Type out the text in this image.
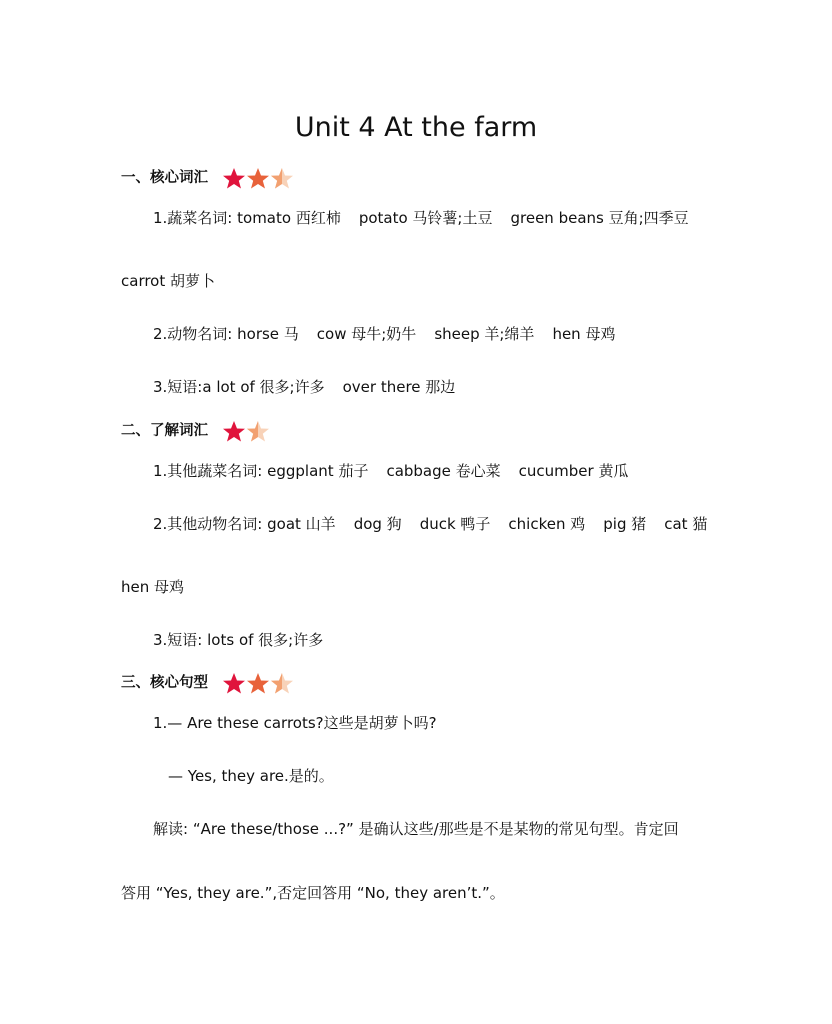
Unit 4 At the farm
一、核心词汇
1.蔬菜名词: tomato 西红柿 potato 马铃薯;土豆 green beans 豆角;四季豆
carrot 胡萝卜
2.动物名词: horse 马 cow 母牛;奶牛 sheep 羊;绵羊 hen 母鸡
3.短语:a lot of 很多;许多 over there 那边
二、了解词汇
1.其他蔬菜名词: eggplant 茄子 cabbage 卷心菜 cucumber 黄瓜
2.其他动物名词: goat 山羊 dog 狗 duck 鸭子 chicken 鸡 pig 猪 cat 猫
hen 母鸡
3.短语: lots of 很多;许多
三、核心句型
1.— Are these carrots?这些是胡萝卜吗?
— Yes, they are.是的。
解读: “Are these/those ...?” 是确认这些/那些是不是某物的常见句型。肯定回
答用 “Yes, they are.”,否定回答用 “No, they aren’t.”。
